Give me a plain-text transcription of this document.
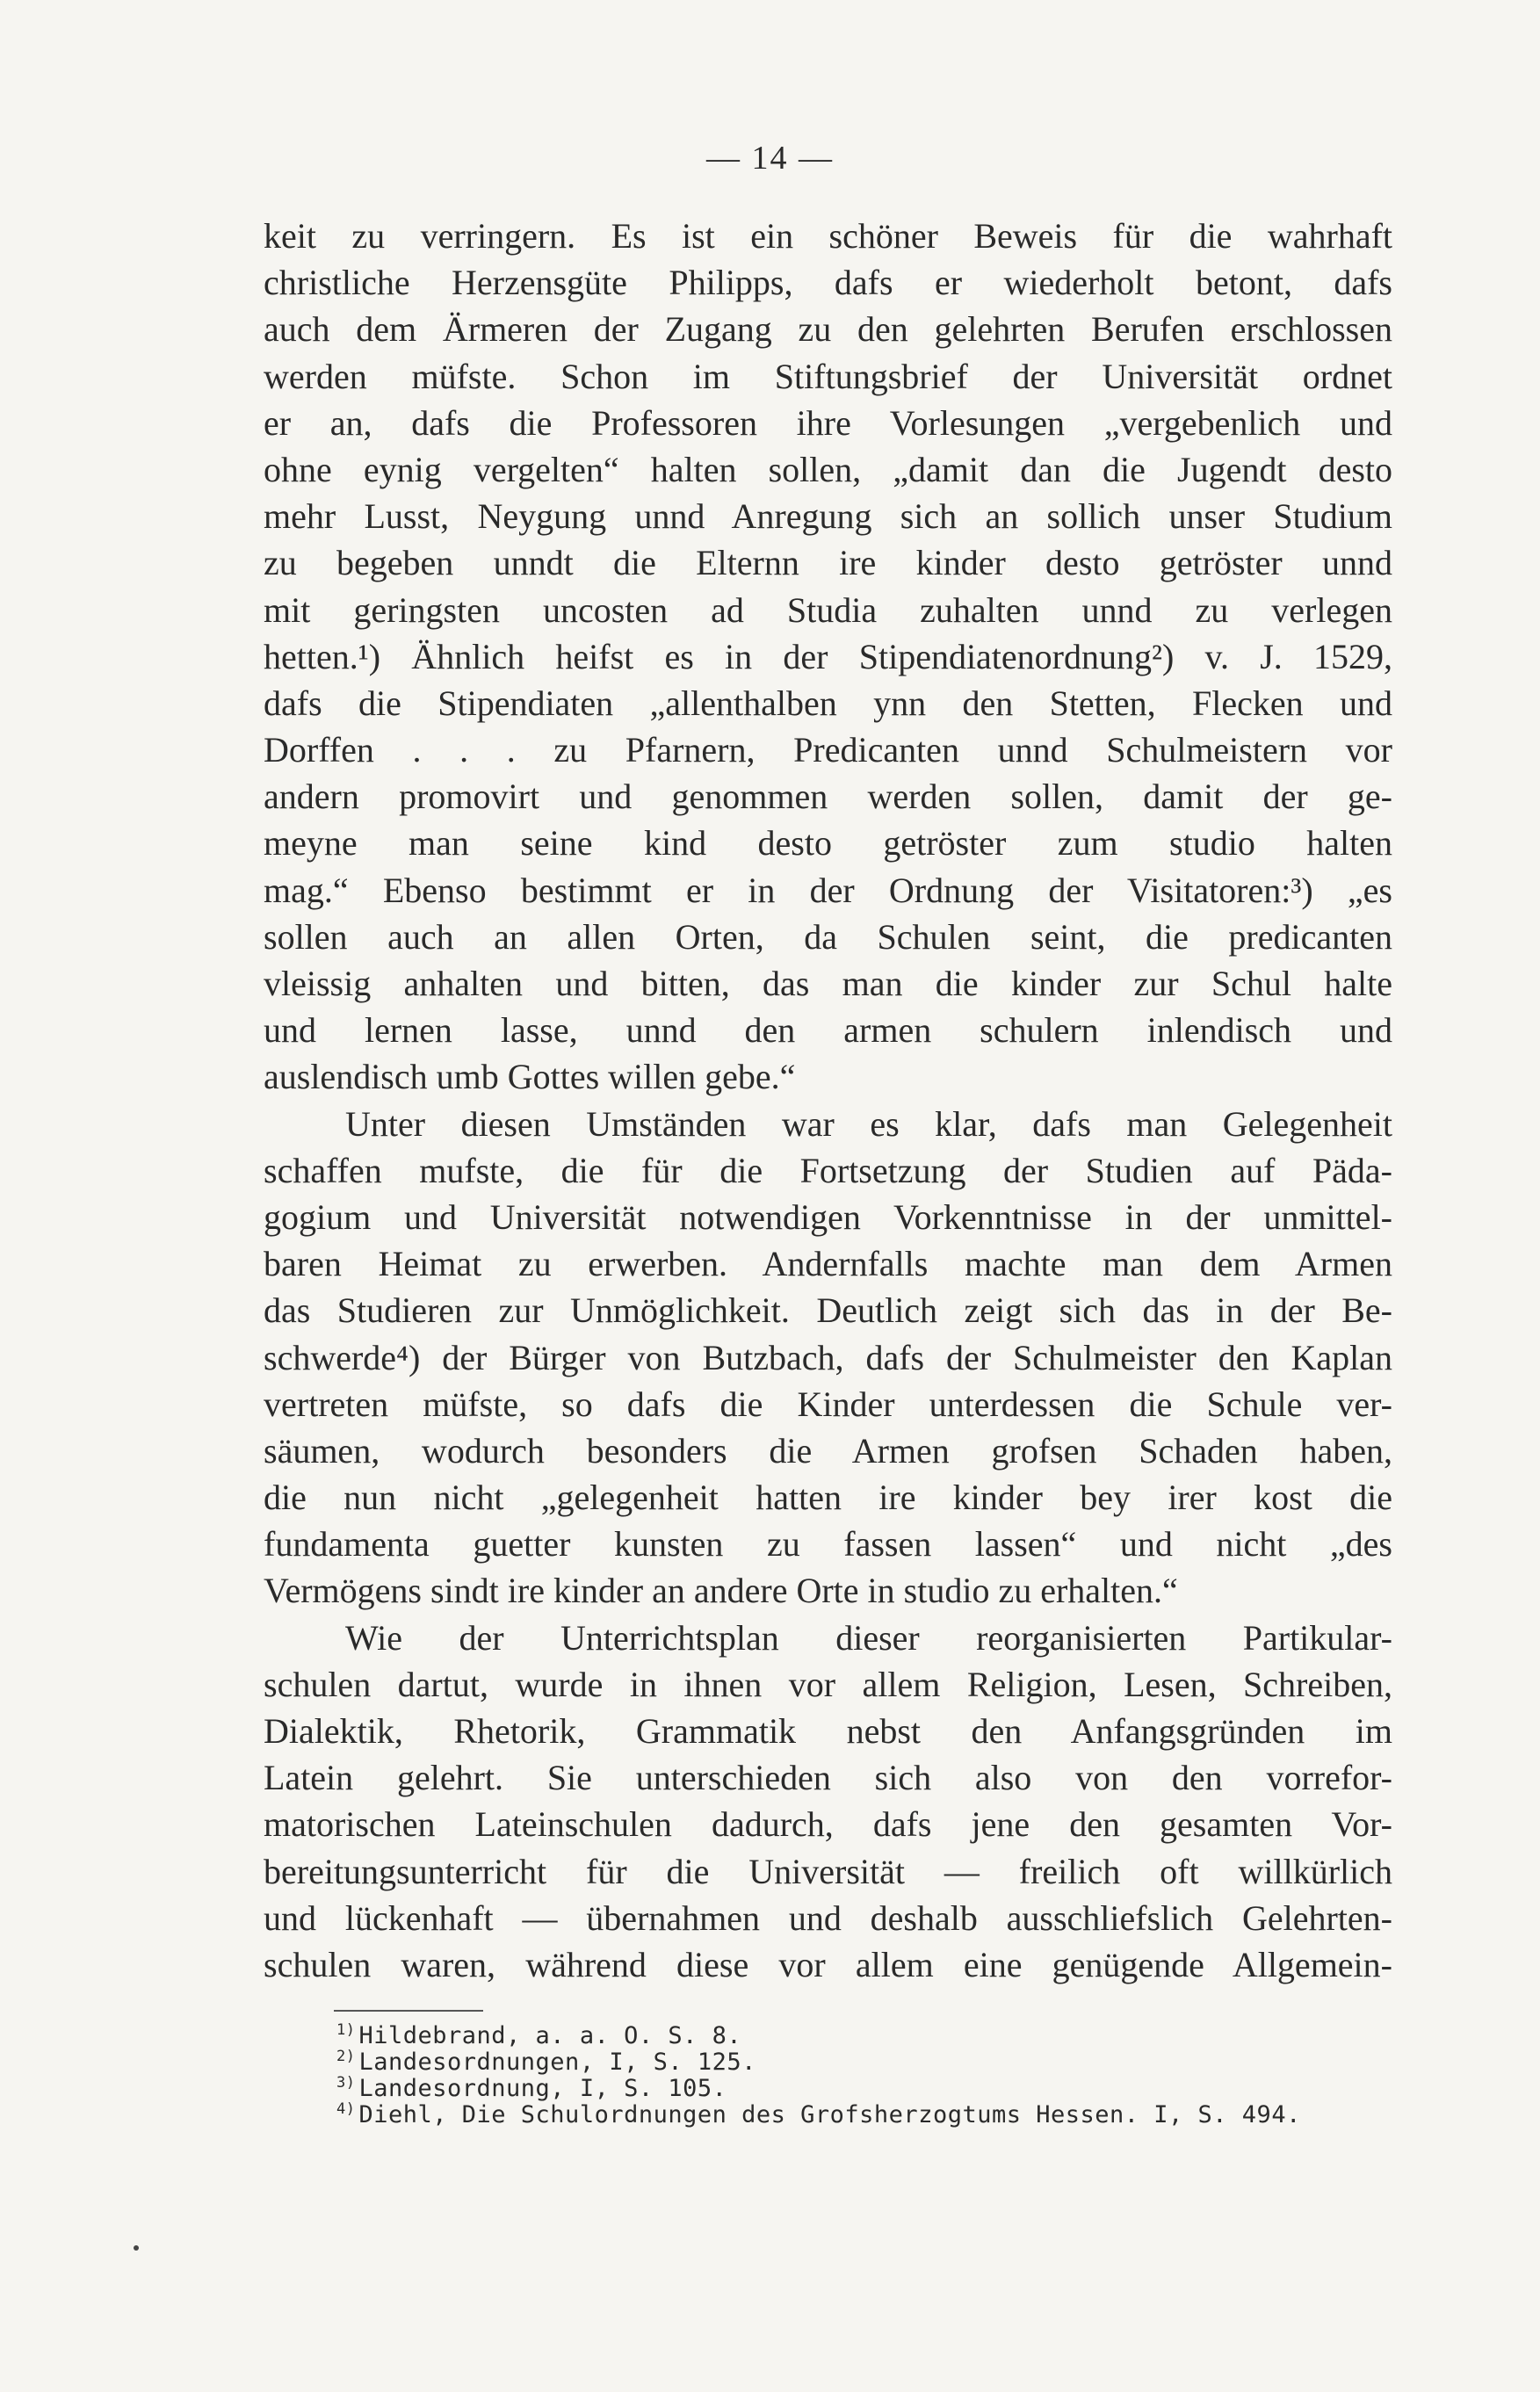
— 14 —
keit zu verringern. Es ist ein schöner Beweis für die wahrhaft
christliche Herzensgüte Philipps, dafs er wiederholt betont, dafs
auch dem Ärmeren der Zugang zu den gelehrten Berufen erschlossen
werden müfste. Schon im Stiftungsbrief der Universität ordnet
er an, dafs die Professoren ihre Vorlesungen „vergebenlich und
ohne eynig vergelten“ halten sollen, „damit dan die Jugendt desto
mehr Lusst, Neygung unnd Anregung sich an sollich unser Studium
zu begeben unndt die Elternn ire kinder desto getröster unnd
mit geringsten uncosten ad Studia zuhalten unnd zu verlegen
hetten.¹) Ähnlich heifst es in der Stipendiatenordnung²) v. J. 1529,
dafs die Stipendiaten „allenthalben ynn den Stetten, Flecken und
Dorffen . . . zu Pfarnern, Predicanten unnd Schulmeistern vor
andern promovirt und genommen werden sollen, damit der ge-
meyne man seine kind desto getröster zum studio halten
mag.“ Ebenso bestimmt er in der Ordnung der Visitatoren:³) „es
sollen auch an allen Orten, da Schulen seint, die predicanten
vleissig anhalten und bitten, das man die kinder zur Schul halte
und lernen lasse, unnd den armen schulern inlendisch und
auslendisch umb Gottes willen gebe.“
Unter diesen Umständen war es klar, dafs man Gelegenheit
schaffen mufste, die für die Fortsetzung der Studien auf Päda-
gogium und Universität notwendigen Vorkenntnisse in der unmittel-
baren Heimat zu erwerben. Andernfalls machte man dem Armen
das Studieren zur Unmöglichkeit. Deutlich zeigt sich das in der Be-
schwerde⁴) der Bürger von Butzbach, dafs der Schulmeister den Kaplan
vertreten müfste, so dafs die Kinder unterdessen die Schule ver-
säumen, wodurch besonders die Armen grofsen Schaden haben,
die nun nicht „gelegenheit hatten ire kinder bey irer kost die
fundamenta guetter kunsten zu fassen lassen“ und nicht „des
Vermögens sindt ire kinder an andere Orte in studio zu erhalten.“
Wie der Unterrichtsplan dieser reorganisierten Partikular-
schulen dartut, wurde in ihnen vor allem Religion, Lesen, Schreiben,
Dialektik, Rhetorik, Grammatik nebst den Anfangsgründen im
Latein gelehrt. Sie unterschieden sich also von den vorrefor-
matorischen Lateinschulen dadurch, dafs jene den gesamten Vor-
bereitungsunterricht für die Universität — freilich oft willkürlich
und lückenhaft — übernahmen und deshalb ausschliefslich Gelehrten-
schulen waren, während diese vor allem eine genügende Allgemein-
$^{1)}$ Hildebrand, a. a. O. S. 8.
$^{2)}$ Landesordnungen, I, S. 125.
$^{3)}$ Landesordnung, I, S. 105.
$^{4)}$ Diehl, Die Schulordnungen des Grofsherzogtums Hessen. I, S. 494.
